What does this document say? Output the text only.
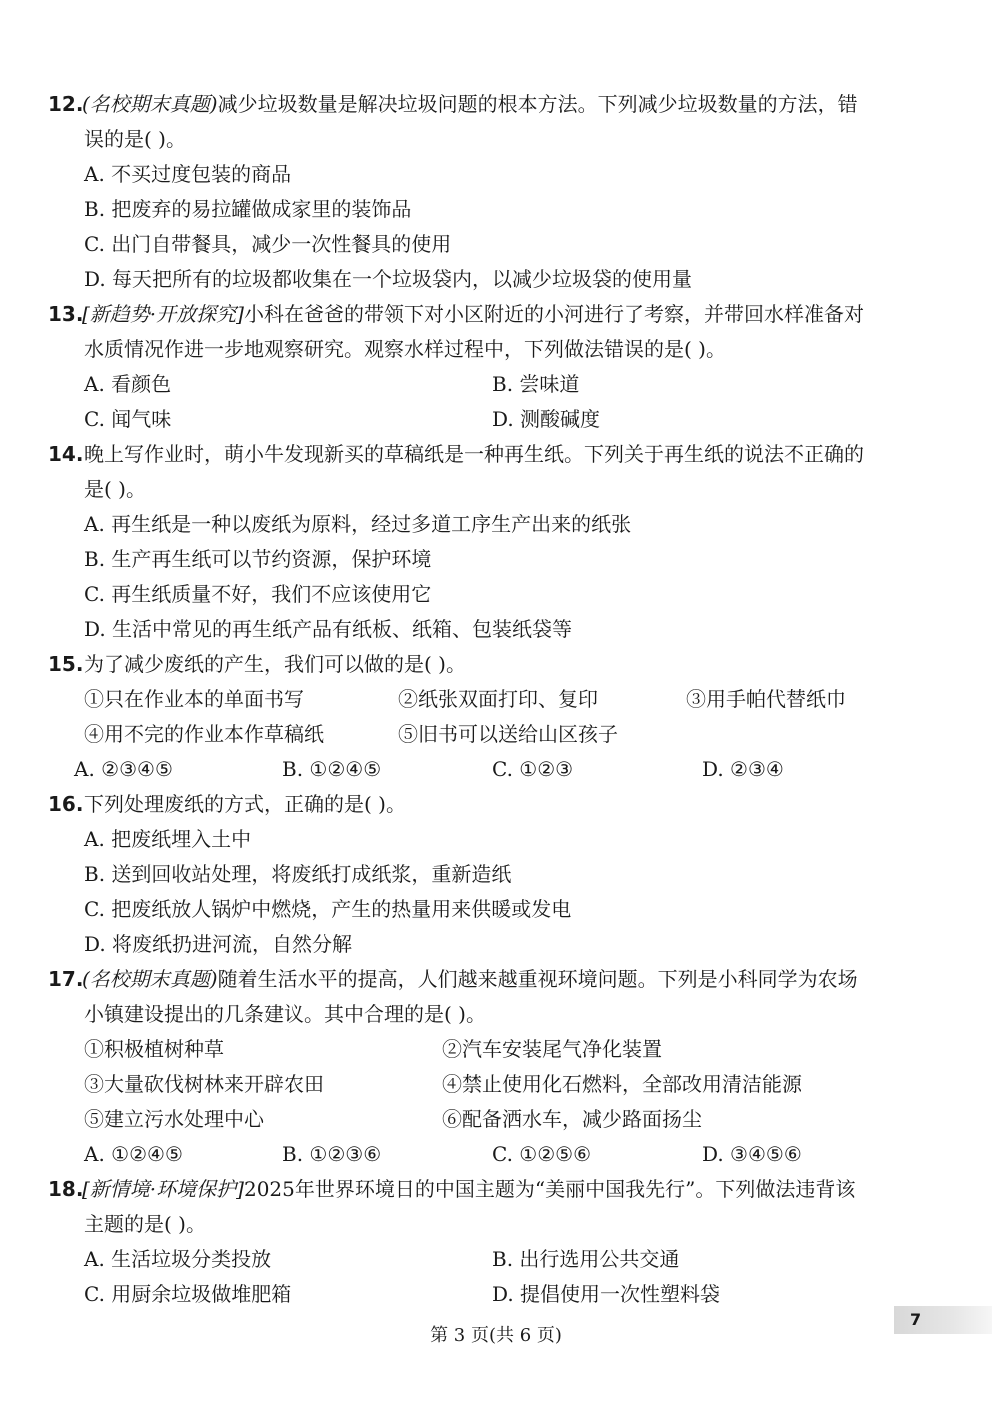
12.
(名校期末真题)减少垃圾数量是解决垃圾问题的根本方法。下列减少垃圾数量的方法，错
误的是( )。
A. 不买过度包装的商品
B. 把废弃的易拉罐做成家里的装饰品
C. 出门自带餐具，减少一次性餐具的使用
D. 每天把所有的垃圾都收集在一个垃圾袋内，以减少垃圾袋的使用量
13.
[新趋势·开放探究]小科在爸爸的带领下对小区附近的小河进行了考察，并带回水样准备对
水质情况作进一步地观察研究。观察水样过程中，下列做法错误的是( )。
A. 看颜色	B. 尝味道
C. 闻气味	D. 测酸碱度
14. 晚上写作业时，萌小牛发现新买的草稿纸是一种再生纸。下列关于再生纸的说法不正确的
是( )。
A. 再生纸是一种以废纸为原料，经过多道工序生产出来的纸张
B. 生产再生纸可以节约资源，保护环境
C. 再生纸质量不好，我们不应该使用它
D. 生活中常见的再生纸产品有纸板、纸箱、包装纸袋等
15. 为了减少废纸的产生，我们可以做的是( )。
①只在作业本的单面书写	②纸张双面打印、复印	③用手帕代替纸巾
④用不完的作业本作草稿纸	⑤旧书可以送给山区孩子
A. ②③④⑤	B. ①②④⑤	C. ①②③	D. ②③④
16. 下列处理废纸的方式，正确的是( )。
A. 把废纸埋入土中
B. 送到回收站处理，将废纸打成纸浆，重新造纸
C. 把废纸放人锅炉中燃烧，产生的热量用来供暖或发电
D. 将废纸扔进河流，自然分解
17.
(名校期末真题)随着生活水平的提高，人们越来越重视环境问题。下列是小科同学为农场
小镇建设提出的几条建议。其中合理的是( )。
①积极植树种草	②汽车安装尾气净化装置
③大量砍伐树林来开辟农田	④禁止使用化石燃料，全部改用清洁能源
⑤建立污水处理中心	⑥配备洒水车，减少路面扬尘
A. ①②④⑤	B. ①②③⑥	C. ①②⑤⑥	D. ③④⑤⑥
18.
[新情境·环境保护]2025年世界环境日的中国主题为“美丽中国我先行”。下列做法违背该
主题的是( )。
A. 生活垃圾分类投放	B. 出行选用公共交通
C. 用厨余垃圾做堆肥箱	D. 提倡使用一次性塑料袋
第 3 页(共 6 页)
7
